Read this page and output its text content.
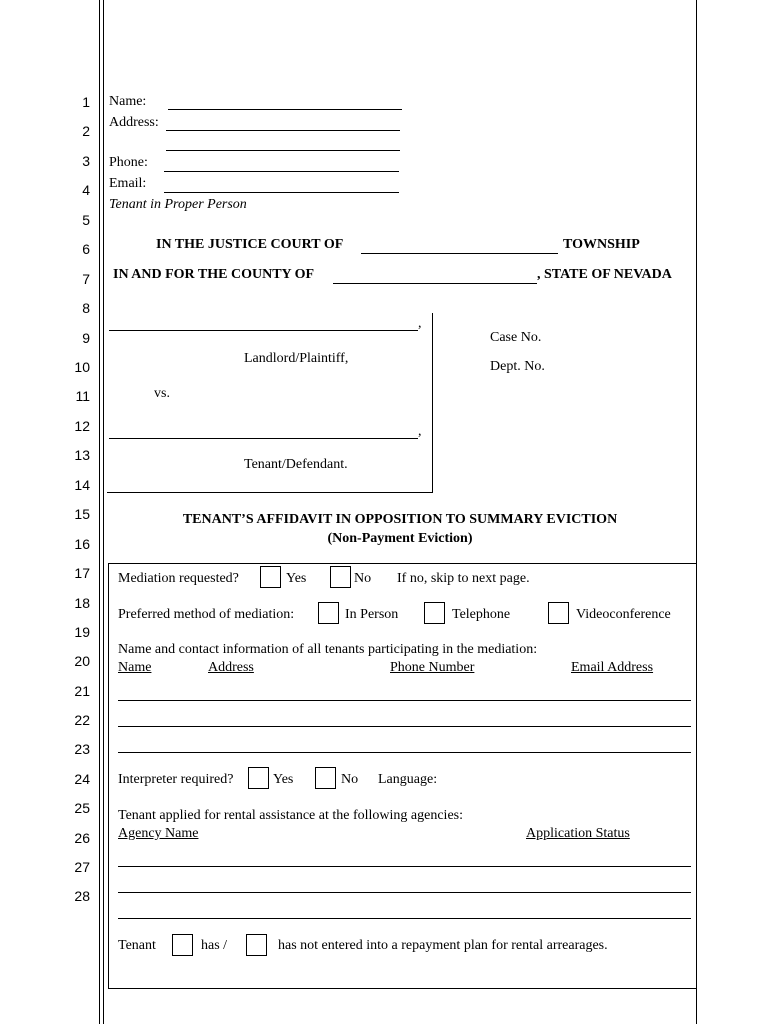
1
2
3
4
5
6
7
8
9
10
11
12
13
14
15
16
17
18
19
20
21
22
23
24
25
26
27
28
Name:
Address:
Phone:
Email:
Tenant in Proper Person
IN THE JUSTICE COURT OF	TOWNSHIP
IN AND FOR THE COUNTY OF	, STATE OF NEVADA
,
Landlord/Plaintiff,
vs.
,
Tenant/Defendant.
Case No.
Dept. No.
TENANT’S AFFIDAVIT IN OPPOSITION TO SUMMARY EVICTION
(Non-Payment Eviction)
Mediation requested?	Yes	No If no, skip to next page.
Preferred method of mediation:	In Person	Telephone	Videoconference
Name and contact information of all tenants participating in the mediation:
Name	Address	Phone Number	Email Address
Interpreter required?	Yes	No Language:
Tenant applied for rental assistance at the following agencies:
Agency Name	Application Status
Tenant	has /	has not entered into a repayment plan for rental arrearages.
